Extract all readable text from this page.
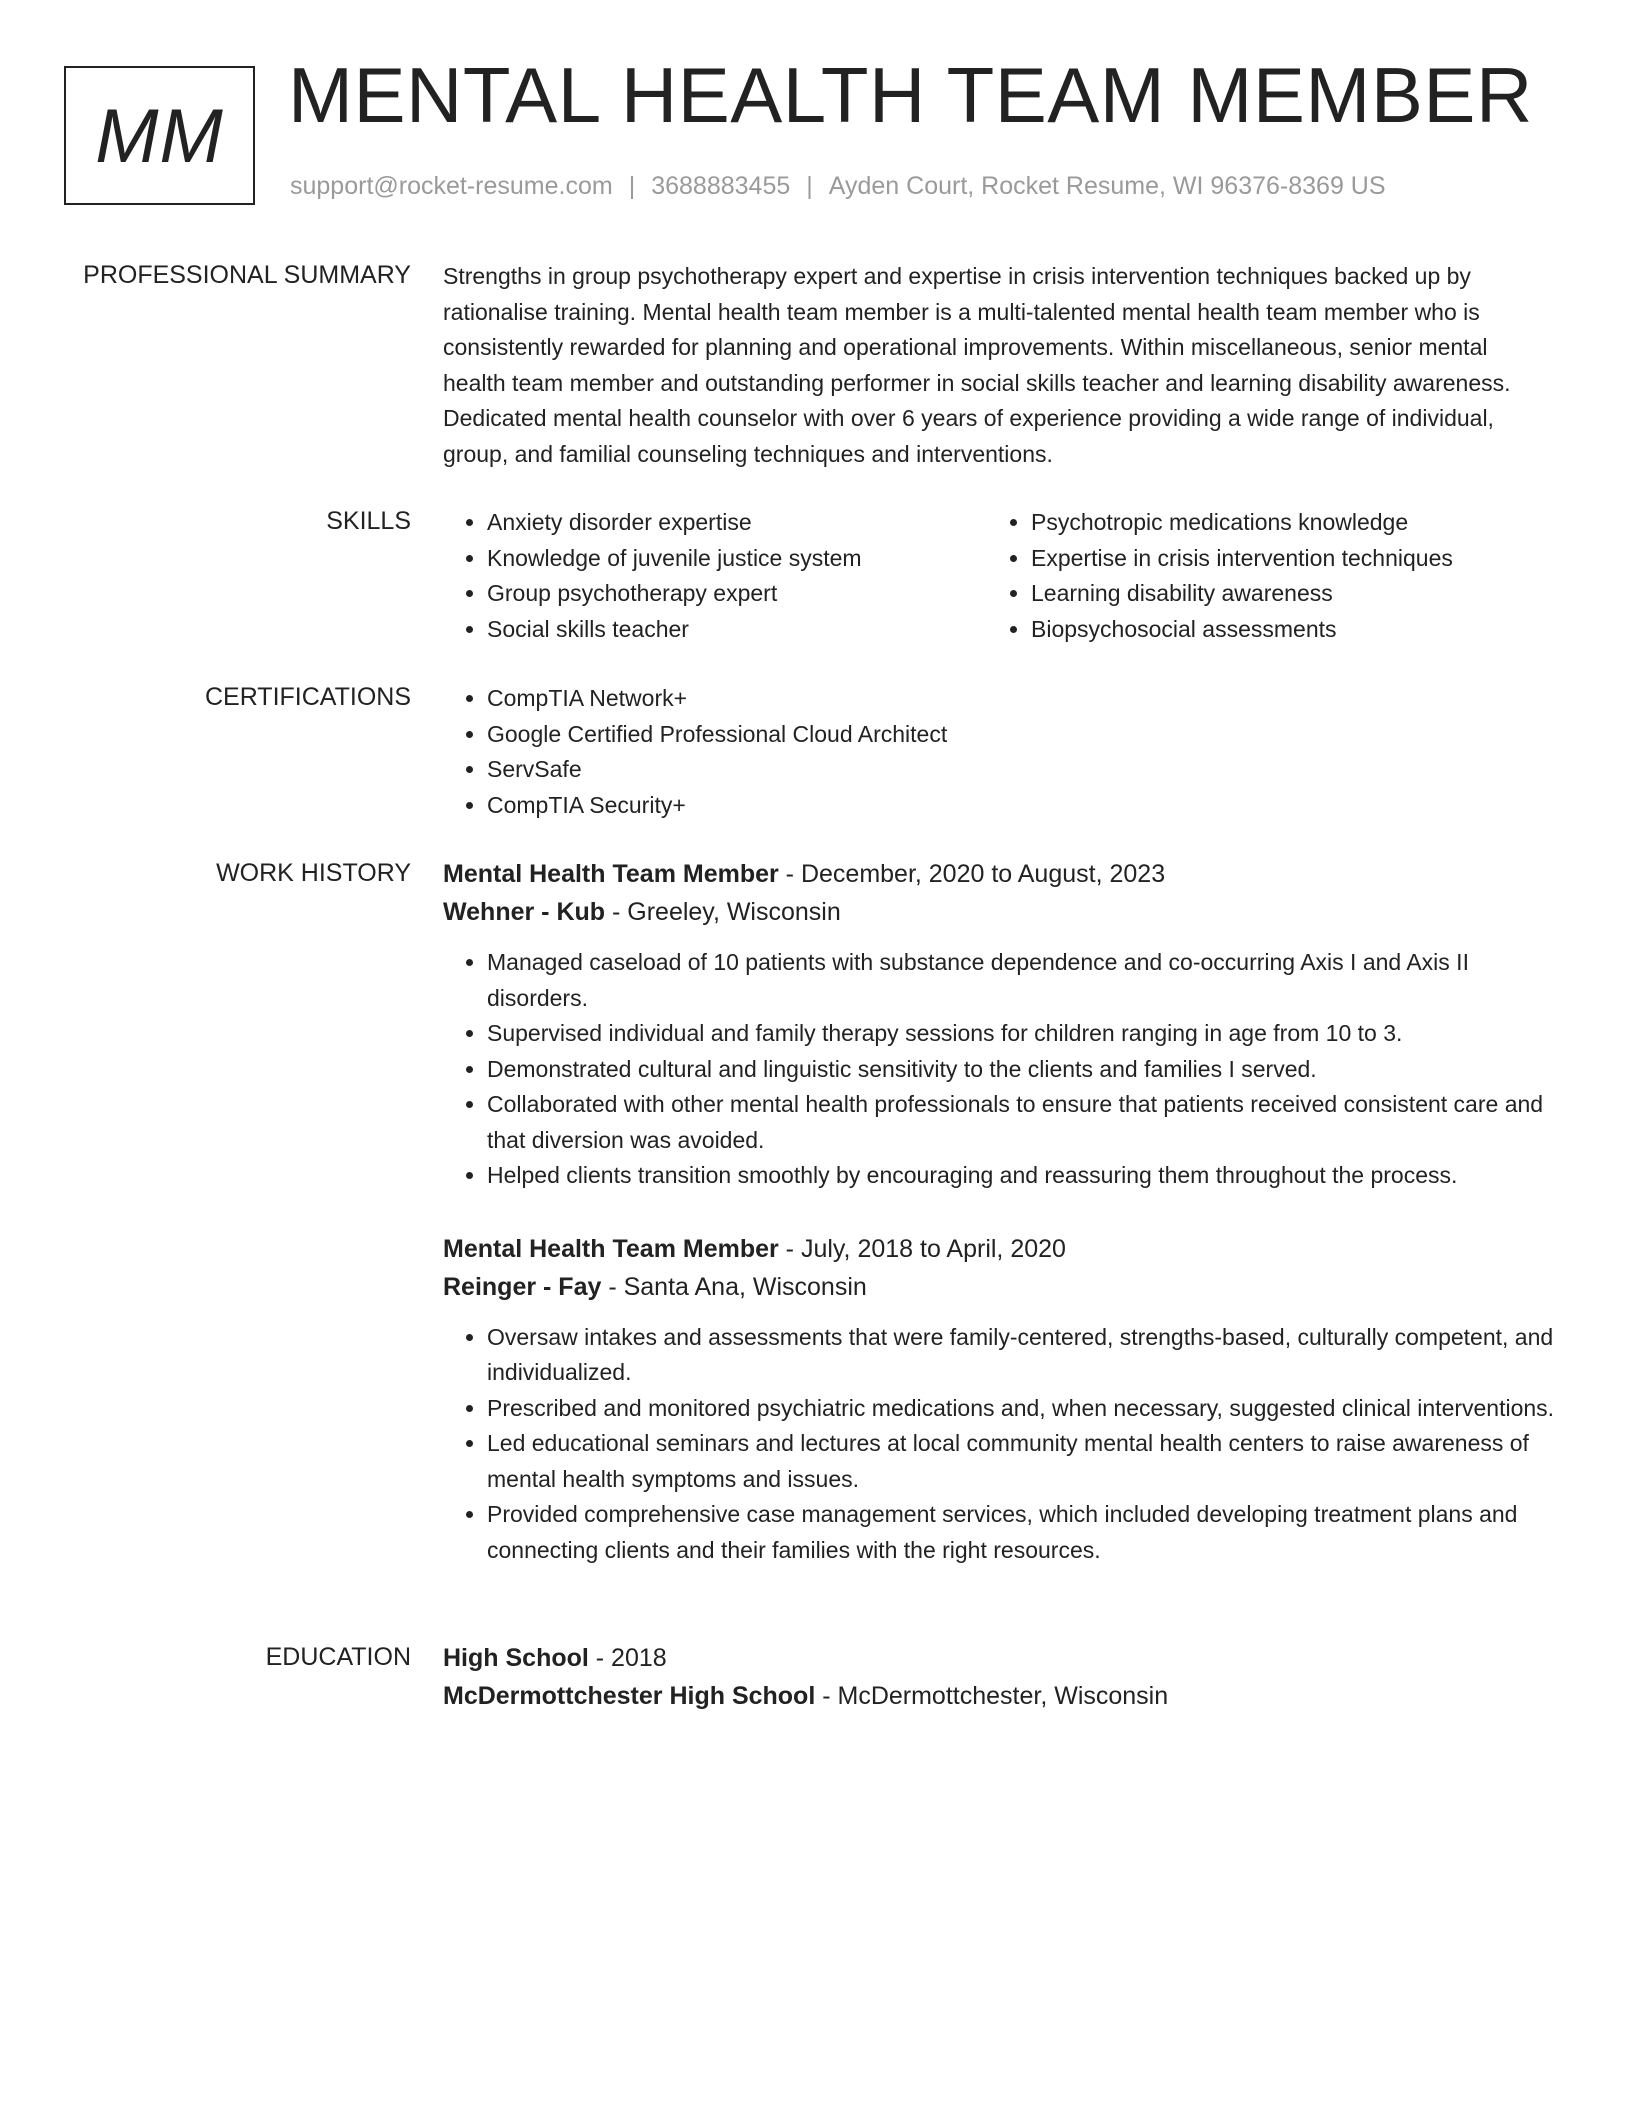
MM MENTAL HEALTH TEAM MEMBER
support@rocket-resume.com | 3688883455 | Ayden Court, Rocket Resume, WI 96376-8369 US
PROFESSIONAL SUMMARY Strengths in group psychotherapy expert and expertise in crisis intervention techniques backed up by rationalise training. Mental health team member is a multi-talented mental health team member who is consistently rewarded for planning and operational improvements. Within miscellaneous, senior mental health team member and outstanding performer in social skills teacher and learning disability awareness. Dedicated mental health counselor with over 6 years of experience providing a wide range of individual, group, and familial counseling techniques and interventions.

SKILLS	• Anxiety disorder expertise
• Knowledge of juvenile justice system
• Group psychotherapy expert
• Social skills teacher
• Psychotropic medications knowledge
• Expertise in crisis intervention techniques
• Learning disability awareness
• Biopsychosocial assessments
CERTIFICATIONS	• CompTIA Network+
• Google Certified Professional Cloud Architect
• ServSafe
• CompTIA Security+
WORK HISTORY Mental Health Team Member - December, 2020 to August, 2023
Wehner - Kub - Greeley, Wisconsin
• Managed caseload of 10 patients with substance dependence and co-occurring Axis I and Axis II disorders.
• Supervised individual and family therapy sessions for children ranging in age from 10 to 3.
• Demonstrated cultural and linguistic sensitivity to the clients and families I served.
• Collaborated with other mental health professionals to ensure that patients received consistent care and that diversion was avoided.
• Helped clients transition smoothly by encouraging and reassuring them throughout the process.
Mental Health Team Member - July, 2018 to April, 2020
Reinger - Fay - Santa Ana, Wisconsin
• Oversaw intakes and assessments that were family-centered, strengths-based, culturally competent, and individualized.
• Prescribed and monitored psychiatric medications and, when necessary, suggested clinical interventions.
• Led educational seminars and lectures at local community mental health centers to raise awareness of mental health symptoms and issues.
• Provided comprehensive case management services, which included developing treatment plans and connecting clients and their families with the right resources.
EDUCATION High School - 2018
McDermottchester High School - McDermottchester, Wisconsin
